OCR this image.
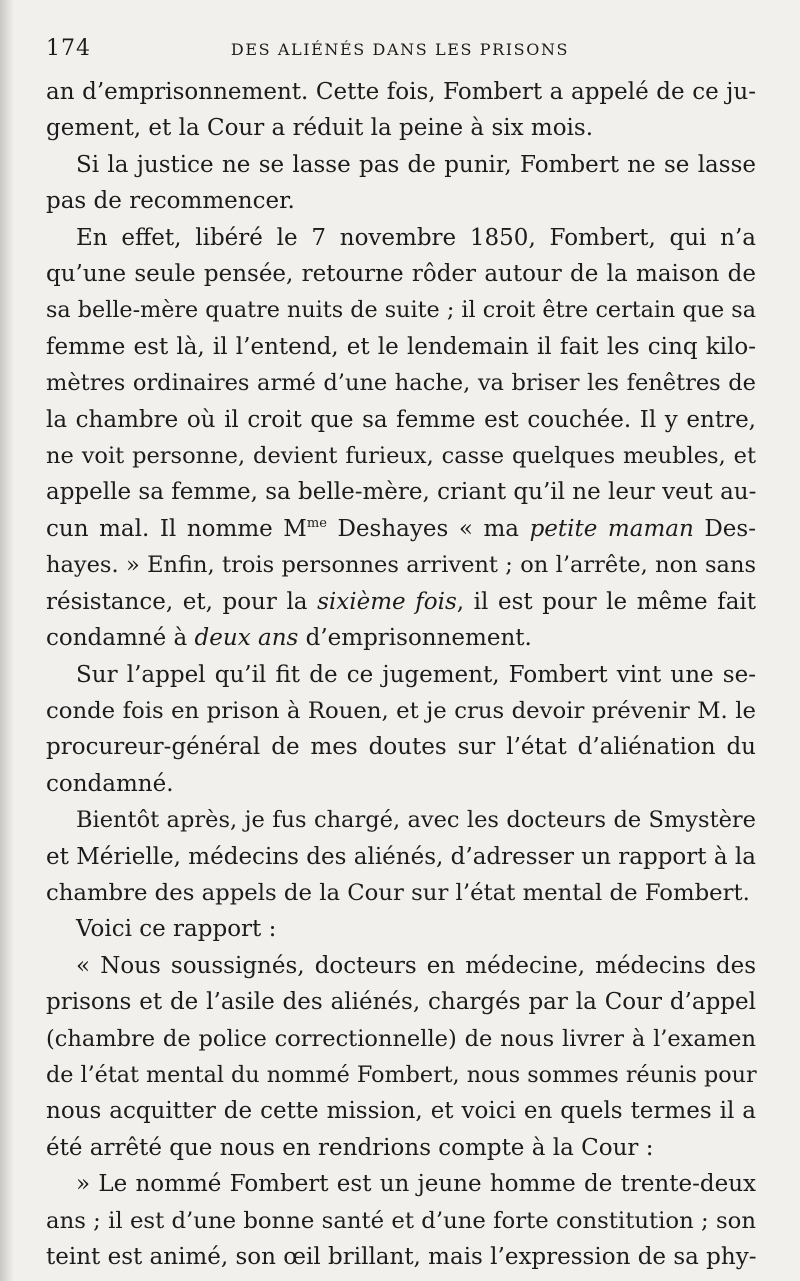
174	DES ALIÉNÉS DANS LES PRISONS

an d’emprisonnement. Cette fois, Fombert a appelé de ce ju-
gement, et la Cour a réduit la peine à six mois.

Si la justice ne se lasse pas de punir, Fombert ne se lasse
pas de recommencer.

En effet, libéré le 7 novembre 1850, Fombert, qui n’a
qu’une seule pensée, retourne rôder autour de la maison de
sa belle-mère quatre nuits de suite ; il croit être certain que sa
femme est là, il l’entend, et le lendemain il fait les cinq kilo-
mètres ordinaires armé d’une hache, va briser les fenêtres de
la chambre où il croit que sa femme est couchée. Il y entre,
ne voit personne, devient furieux, casse quelques meubles, et
appelle sa femme, sa belle-mère, criant qu’il ne leur veut au-
cun mal. Il nomme $M^{me}$ Deshayes « ma petite maman Des-
hayes. » Enfin, trois personnes arrivent ; on l’arrête, non sans
résistance, et, pour la sixième fois, il est pour le même fait
condamné à deux ans d’emprisonnement.

Sur l’appel qu’il fit de ce jugement, Fombert vint une se-
conde fois en prison à Rouen, et je crus devoir prévenir M. le
procureur-général de mes doutes sur l’état d’aliénation du
condamné.

Bientôt après, je fus chargé, avec les docteurs de Smystère
et Mérielle, médecins des aliénés, d’adresser un rapport à la
chambre des appels de la Cour sur l’état mental de Fombert.

Voici ce rapport :

« Nous soussignés, docteurs en médecine, médecins des
prisons et de l’asile des aliénés, chargés par la Cour d’appel
(chambre de police correctionnelle) de nous livrer à l’examen
de l’état mental du nommé Fombert, nous sommes réunis pour
nous acquitter de cette mission, et voici en quels termes il a
été arrêté que nous en rendrions compte à la Cour :

» Le nommé Fombert est un jeune homme de trente-deux
ans ; il est d’une bonne santé et d’une forte constitution ; son
teint est animé, son œil brillant, mais l’expression de sa phy-
